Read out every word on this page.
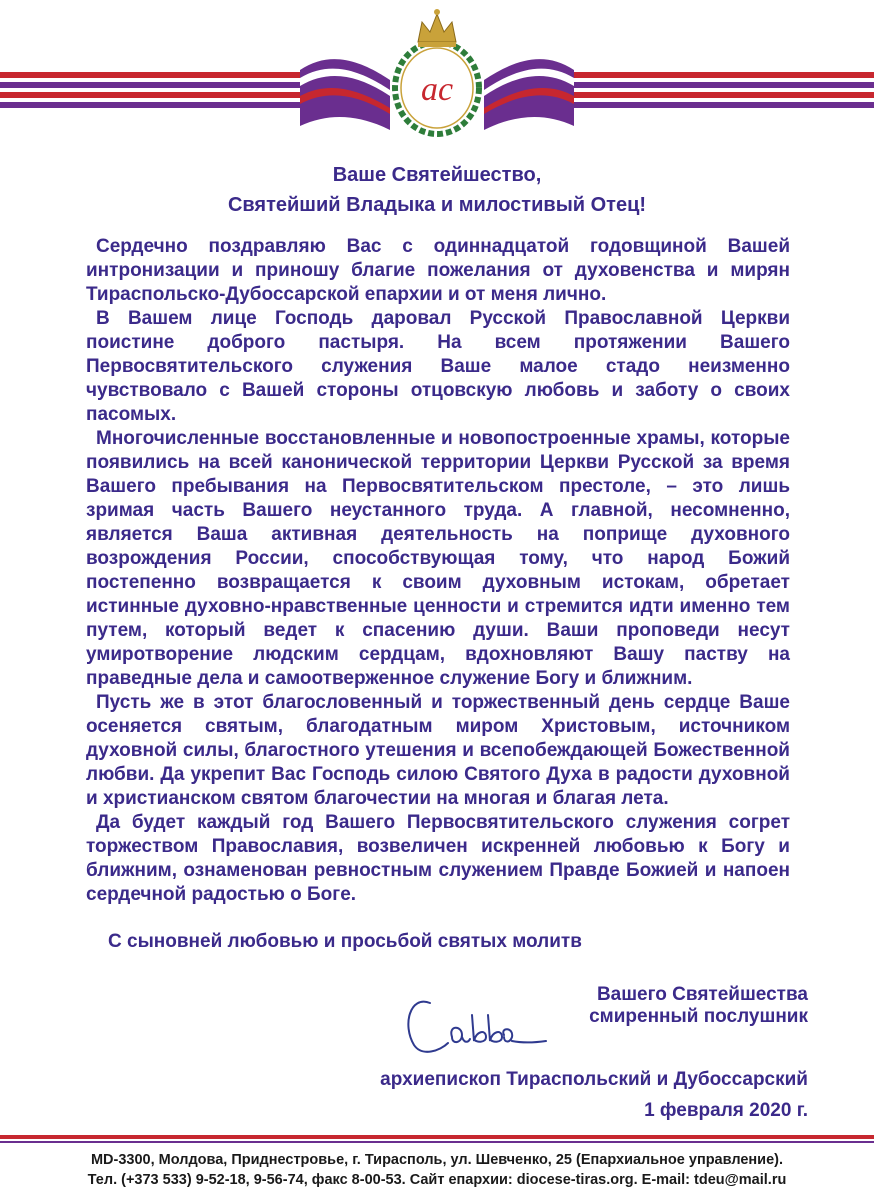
ac
Ваше Святейшество,
Святейший Владыка и милостивый Отец!

Сердечно поздравляю Вас с одиннадцатой годовщиной Вашей интронизации и приношу благие пожелания от духовенства и мирян Тираспольско-Дубоссарской епархии и от меня лично.

В Вашем лице Господь даровал Русской Православной Церкви поистине доброго пастыря. На всем протяжении Вашего Первосвятительского служения Ваше малое стадо неизменно чувствовало с Вашей стороны отцовскую любовь и заботу о своих пасомых.

Многочисленные восстановленные и новопостроенные храмы, которые появились на всей канонической территории Церкви Русской за время Вашего пребывания на Первосвятительском престоле, – это лишь зримая часть Вашего неустанного труда. А главной, несомненно, является Ваша активная деятельность на поприще духовного возрождения России, способствующая тому, что народ Божий постепенно возвращается к своим духовным истокам, обретает истинные духовно-нравственные ценности и стремится идти именно тем путем, который ведет к спасению души. Ваши проповеди несут умиротворение людским сердцам, вдохновляют Вашу паству на праведные дела и самоотверженное служение Богу и ближним.

Пусть же в этот благословенный и торжественный день сердце Ваше осеняется святым, благодатным миром Христовым, источником духовной силы, благостного утешения и всепобеждающей Божественной любви. Да укрепит Вас Господь силою Святого Духа в радости духовной и христианском святом благочестии на многая и благая лета.

Да будет каждый год Вашего Первосвятительского служения согрет торжеством Православия, возвеличен искренней любовью к Богу и ближним, ознаменован ревностным служением Правде Божией и напоен сердечной радостью о Боге.

С сыновней любовью и просьбой святых молитв
Вашего Святейшества
смиренный послушник
архиепископ Тираспольский и Дубоссарский
1 февраля 2020 г.
MD-3300, Молдова, Приднестровье, г. Тирасполь, ул. Шевченко, 25 (Епархиальное управление).
Тел. (+373 533) 9-52-18, 9-56-74, факс 8-00-53. Сайт епархии: diocese-tiras.org. E-mail: tdeu@mail.ru
